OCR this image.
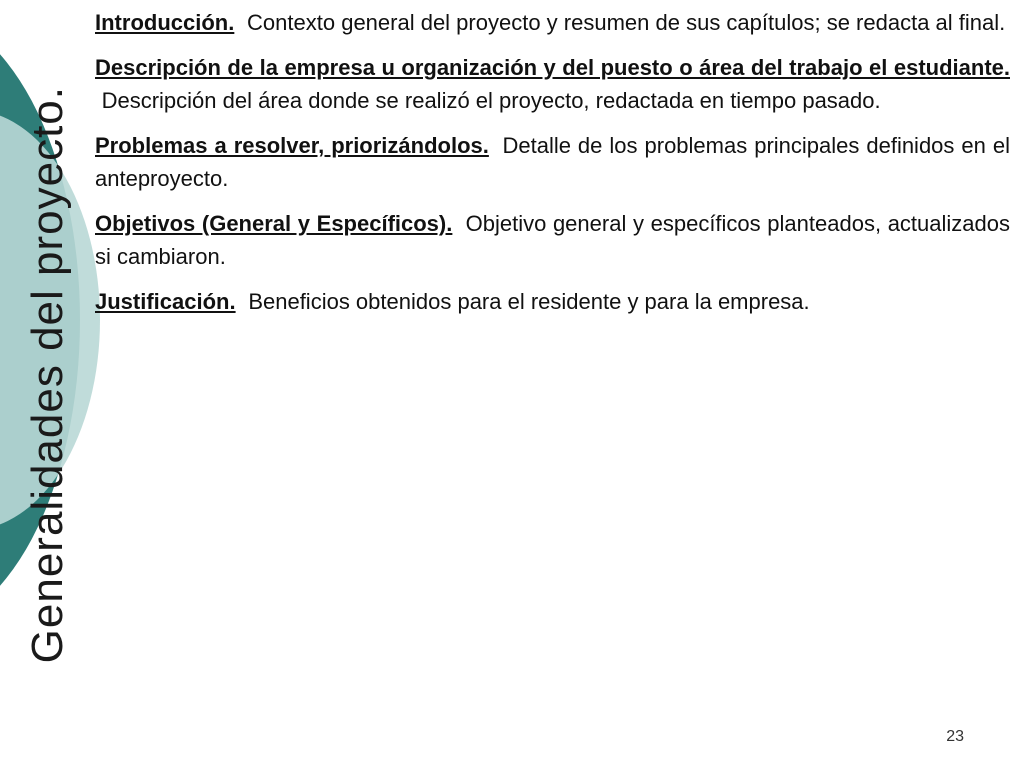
Generalidades del proyecto.
Introducción. Contexto general del proyecto y resumen de sus capítulos; se redacta al final.
Descripción de la empresa u organización y del puesto o área del trabajo el estudiante. Descripción del área donde se realizó el proyecto, redactada en tiempo pasado.
Problemas a resolver, priorizándolos. Detalle de los problemas principales definidos en el anteproyecto.
Objetivos (General y Específicos). Objetivo general y específicos planteados, actualizados si cambiaron.
Justificación. Beneficios obtenidos para el residente y para la empresa.
23
